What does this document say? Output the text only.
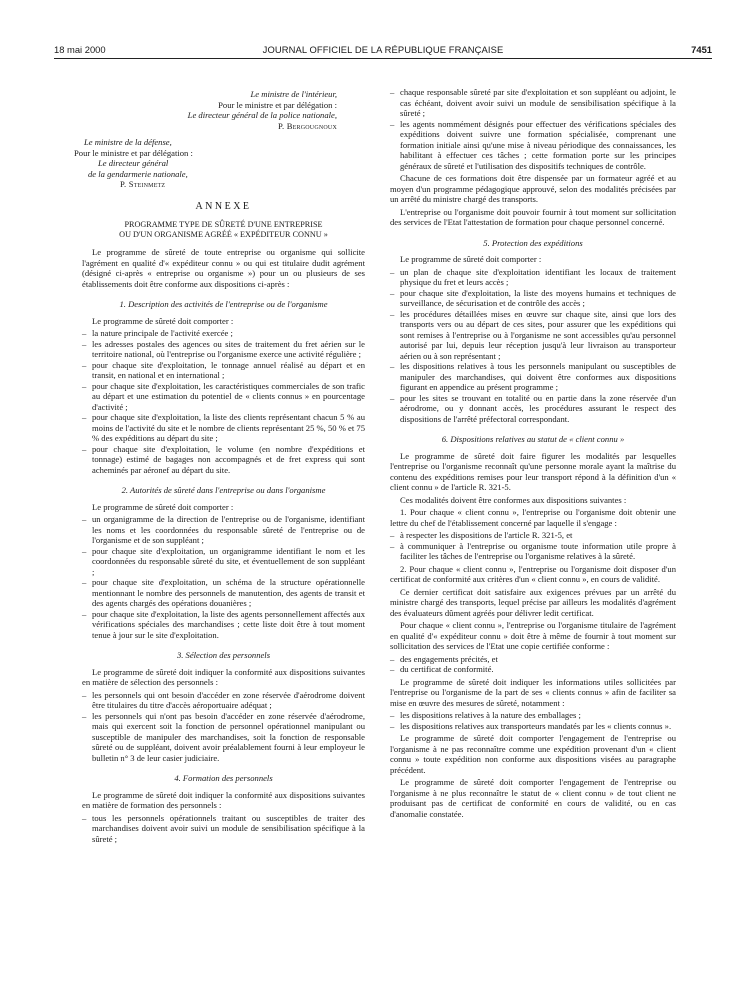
18 mai 2000	JOURNAL OFFICIEL DE LA RÉPUBLIQUE FRANÇAISE	7451

Le ministre de l'intérieur,

Pour le ministre et par délégation :

Le directeur général de la police nationale,

P. Bergougnoux

Le ministre de la défense,

Pour le ministre et par délégation :

Le directeur général

de la gendarmerie nationale,

P. Steinmetz

ANNEXE
PROGRAMME TYPE DE SÛRETÉ D'UNE ENTREPRISE
OU D'UN ORGANISME AGRÉÉ « EXPÉDITEUR CONNU »

Le programme de sûreté de toute entreprise ou organisme qui sollicite l'agrément en qualité d'« expéditeur connu » ou qui est titulaire dudit agrément (désigné ci-après « entreprise ou organisme ») pour un ou plusieurs de ses établissements doit être conforme aux dispositions ci-après :

1. Description des activités de l'entreprise ou de l'organisme

Le programme de sûreté doit comporter :

– la nature principale de l'activité exercée ;
– les adresses postales des agences ou sites de traitement du fret aérien sur le territoire national, où l'entreprise ou l'organisme exerce une activité régulière ;
– pour chaque site d'exploitation, le tonnage annuel réalisé au départ et en transit, en national et en international ;
– pour chaque site d'exploitation, les caractéristiques commerciales de son trafic au départ et une estimation du potentiel de « clients connus » en pourcentage d'activité ;
– pour chaque site d'exploitation, la liste des clients représentant chacun 5 % au moins de l'activité du site et le nombre de clients représentant 25 %, 50 % et 75 % des expéditions au départ du site ;
– pour chaque site d'exploitation, le volume (en nombre d'expéditions et tonnage) estimé de bagages non accompagnés et de fret express qui sont acheminés par aéronef au départ du site.
2. Autorités de sûreté dans l'entreprise ou dans l'organisme

Le programme de sûreté doit comporter :

– un organigramme de la direction de l'entreprise ou de l'organisme, identifiant les noms et les coordonnées du responsable sûreté de l'entreprise ou de l'organisme et de son suppléant ;
– pour chaque site d'exploitation, un organigramme identifiant le nom et les coordonnées du responsable sûreté du site, et éventuellement de son suppléant ;
– pour chaque site d'exploitation, un schéma de la structure opérationnelle mentionnant le nombre des personnels de manutention, des agents de transit et des agents chargés des opérations douanières ;
– pour chaque site d'exploitation, la liste des agents personnellement affectés aux vérifications spéciales des marchandises ; cette liste doit être à tout moment tenue à jour sur le site d'exploitation.
3. Sélection des personnels

Le programme de sûreté doit indiquer la conformité aux dispositions suivantes en matière de sélection des personnels :

– les personnels qui ont besoin d'accéder en zone réservée d'aérodrome doivent être titulaires du titre d'accès aéroportuaire adéquat ;
– les personnels qui n'ont pas besoin d'accéder en zone réservée d'aérodrome, mais qui exercent soit la fonction de personnel opérationnel manipulant ou susceptible de manipuler des marchandises, soit la fonction de responsable sûreté ou de suppléant, doivent avoir préalablement fourni à leur employeur le bulletin n° 3 de leur casier judiciaire.
4. Formation des personnels

Le programme de sûreté doit indiquer la conformité aux dispositions suivantes en matière de formation des personnels :

– tous les personnels opérationnels traitant ou susceptibles de traiter des marchandises doivent avoir suivi un module de sensibilisation spécifique à la sûreté ;
– chaque responsable sûreté par site d'exploitation et son suppléant ou adjoint, le cas échéant, doivent avoir suivi un module de sensibilisation spécifique à la sûreté ;
– les agents nommément désignés pour effectuer des vérifications spéciales des expéditions doivent suivre une formation spécialisée, comprenant une formation initiale ainsi qu'une mise à niveau périodique des connaissances, les habilitant à effectuer ces tâches ; cette formation porte sur les principes généraux de sûreté et l'utilisation des dispositifs techniques de contrôle.

Chacune de ces formations doit être dispensée par un formateur agréé et au moyen d'un programme pédagogique approuvé, selon des modalités précisées par un arrêté du ministre chargé des transports.

L'entreprise ou l'organisme doit pouvoir fournir à tout moment sur sollicitation des services de l'Etat l'attestation de formation pour chaque personnel concerné.

5. Protection des expéditions

Le programme de sûreté doit comporter :

– un plan de chaque site d'exploitation identifiant les locaux de traitement physique du fret et leurs accès ;
– pour chaque site d'exploitation, la liste des moyens humains et techniques de surveillance, de sécurisation et de contrôle des accès ;
– les procédures détaillées mises en œuvre sur chaque site, ainsi que lors des transports vers ou au départ de ces sites, pour assurer que les expéditions qui sont remises à l'entreprise ou à l'organisme ne sont accessibles qu'au personnel autorisé par lui, depuis leur réception jusqu'à leur livraison au transporteur aérien ou à son représentant ;
– les dispositions relatives à tous les personnels manipulant ou susceptibles de manipuler des marchandises, qui doivent être conformes aux dispositions figurant en appendice au présent programme ;
– pour les sites se trouvant en totalité ou en partie dans la zone réservée d'un aérodrome, ou y donnant accès, les procédures assurant le respect des dispositions de l'arrêté préfectoral correspondant.
6. Dispositions relatives au statut de « client connu »

Le programme de sûreté doit faire figurer les modalités par lesquelles l'entreprise ou l'organisme reconnaît qu'une personne morale ayant la maîtrise du contenu des expéditions remises pour leur transport répond à la définition d'un « client connu » de l'article R. 321-5.

Ces modalités doivent être conformes aux dispositions suivantes :

1. Pour chaque « client connu », l'entreprise ou l'organisme doit obtenir une lettre du chef de l'établissement concerné par laquelle il s'engage :

– à respecter les dispositions de l'article R. 321-5, et
– à communiquer à l'entreprise ou organisme toute information utile propre à faciliter les tâches de l'entreprise ou l'organisme relatives à la sûreté.

2. Pour chaque « client connu », l'entreprise ou l'organisme doit disposer d'un certificat de conformité aux critères d'un « client connu », en cours de validité.

Ce dernier certificat doit satisfaire aux exigences prévues par un arrêté du ministre chargé des transports, lequel précise par ailleurs les modalités d'agrément des évaluateurs dûment agréés pour délivrer ledit certificat.

Pour chaque « client connu », l'entreprise ou l'organisme titulaire de l'agrément en qualité d'« expéditeur connu » doit être à même de fournir à tout moment sur sollicitation des services de l'Etat une copie certifiée conforme :

– des engagements précités, et
– du certificat de conformité.

Le programme de sûreté doit indiquer les informations utiles sollicitées par l'entreprise ou l'organisme de la part de ses « clients connus » afin de faciliter sa mise en œuvre des mesures de sûreté, notamment :

– les dispositions relatives à la nature des emballages ;
– les dispositions relatives aux transporteurs mandatés par les « clients connus ».

Le programme de sûreté doit comporter l'engagement de l'entreprise ou l'organisme à ne pas reconnaître comme une expédition provenant d'un « client connu » toute expédition non conforme aux dispositions visées au paragraphe précédent.

Le programme de sûreté doit comporter l'engagement de l'entreprise ou l'organisme à ne plus reconnaître le statut de « client connu » de tout client ne produisant pas de certificat de conformité en cours de validité, ou en cas d'anomalie constatée.
